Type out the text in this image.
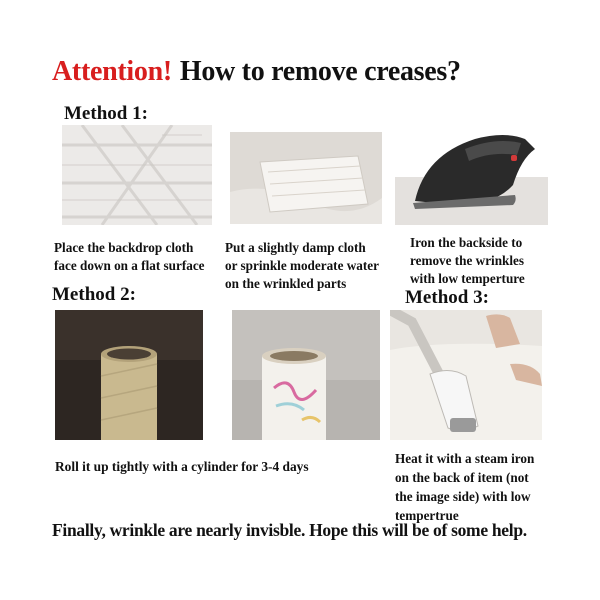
Attention! How to remove creases?
Method 1:
Place the backdrop cloth
face down on a flat surface
Put a slightly damp cloth
or sprinkle moderate water
on the wrinkled parts
Iron the backside to
remove the wrinkles
with low temperture
Method 2:	Method 3:
Roll it up tightly with a cylinder for 3-4 days
Heat it with a steam iron
on the back of item (not
the image side) with low
tempertrue
Finally, wrinkle are nearly invisble. Hope this will be of some help.
